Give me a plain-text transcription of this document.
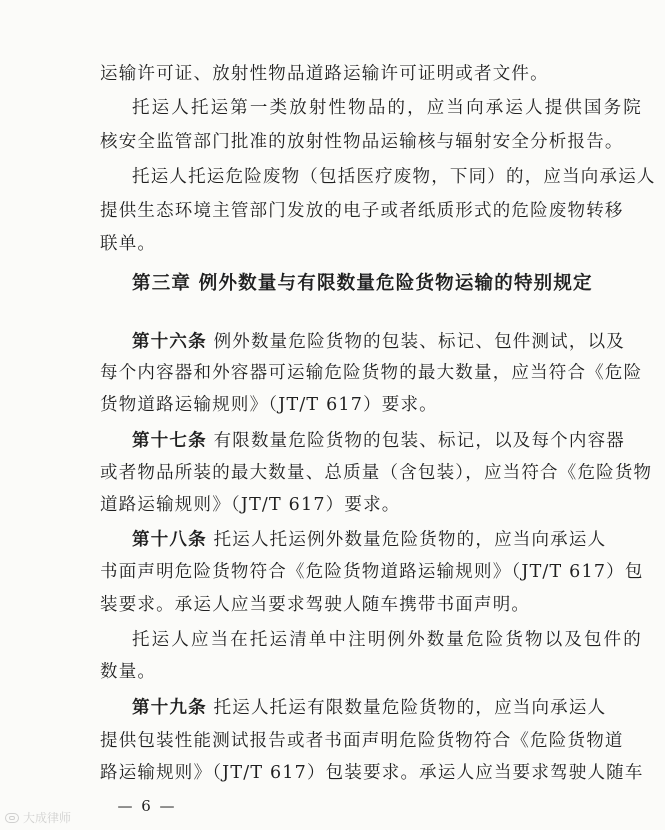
运输许可证、放射性物品道路运输许可证明或者文件。
托运人托运第一类放射性物品的，应当向承运人提供国务院
核安全监管部门批准的放射性物品运输核与辐射安全分析报告。
托运人托运危险废物（包括医疗废物，下同）的，应当向承运人
提供生态环境主管部门发放的电子或者纸质形式的危险废物转移
联单。
第三章 例外数量与有限数量危险货物运输的特别规定
第十六条 例外数量危险货物的包装、标记、包件测试，以及
每个内容器和外容器可运输危险货物的最大数量，应当符合《危险
货物道路运输规则》（JT/T 617）要求。
第十七条 有限数量危险货物的包装、标记，以及每个内容器
或者物品所装的最大数量、总质量（含包装），应当符合《危险货物
道路运输规则》（JT/T 617）要求。
第十八条 托运人托运例外数量危险货物的，应当向承运人
书面声明危险货物符合《危险货物道路运输规则》（JT/T 617）包
装要求。承运人应当要求驾驶人随车携带书面声明。
托运人应当在托运清单中注明例外数量危险货物以及包件的
数量。
第十九条 托运人托运有限数量危险货物的，应当向承运人
提供包装性能测试报告或者书面声明危险货物符合《危险货物道
路运输规则》（JT/T 617）包装要求。承运人应当要求驾驶人随车
— 6 —
大成律师
